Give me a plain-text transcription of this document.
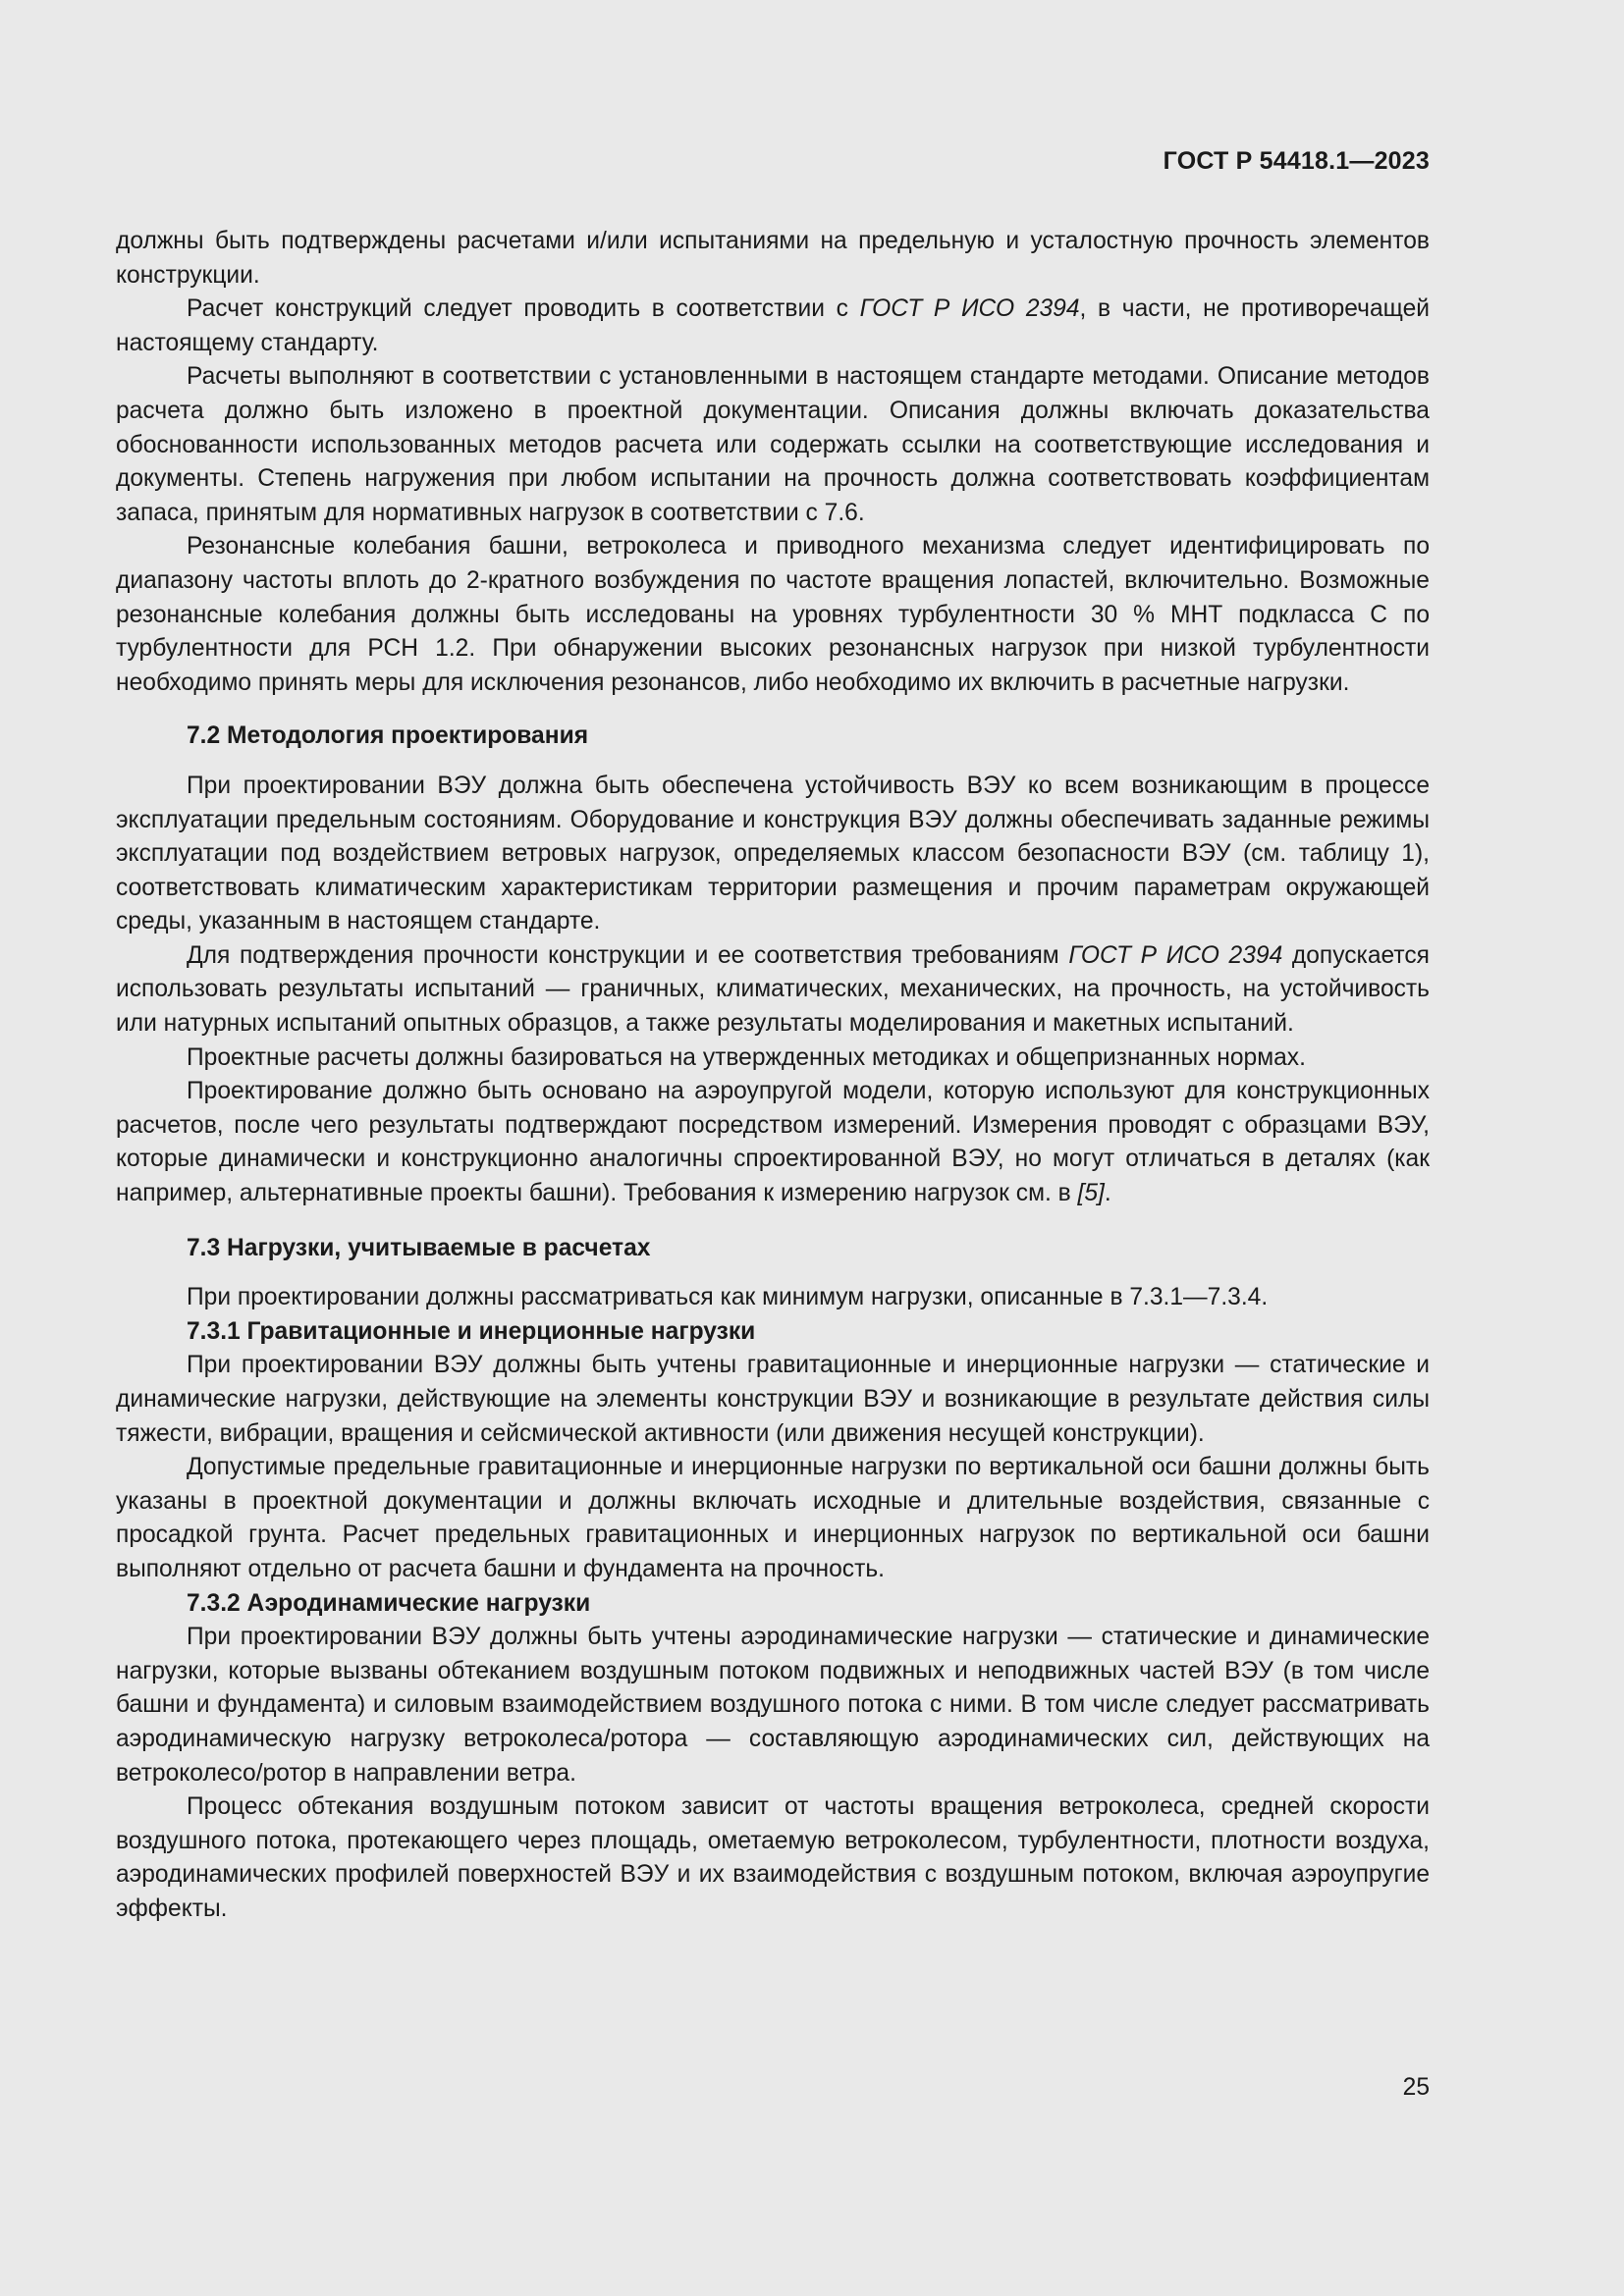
ГОСТ Р 54418.1—2023

должны быть подтверждены расчетами и/или испытаниями на предельную и усталостную прочность элементов конструкции.

Расчет конструкций следует проводить в соответствии с ГОСТ Р ИСО 2394, в части, не противоречащей настоящему стандарту.

Расчеты выполняют в соответствии с установленными в настоящем стандарте методами. Описание методов расчета должно быть изложено в проектной документации. Описания должны включать доказательства обоснованности использованных методов расчета или содержать ссылки на соответствующие исследования и документы. Степень нагружения при любом испытании на прочность должна соответствовать коэффициентам запаса, принятым для нормативных нагрузок в соответствии с 7.6.

Резонансные колебания башни, ветроколеса и приводного механизма следует идентифицировать по диапазону частоты вплоть до 2-кратного возбуждения по частоте вращения лопастей, включительно. Возможные резонансные колебания должны быть исследованы на уровнях турбулентности 30 % МНТ подкласса С по турбулентности для РСН 1.2. При обнаружении высоких резонансных нагрузок при низкой турбулентности необходимо принять меры для исключения резонансов, либо необходимо их включить в расчетные нагрузки.

7.2 Методология проектирования

При проектировании ВЭУ должна быть обеспечена устойчивость ВЭУ ко всем возникающим в процессе эксплуатации предельным состояниям. Оборудование и конструкция ВЭУ должны обеспечивать заданные режимы эксплуатации под воздействием ветровых нагрузок, определяемых классом безопасности ВЭУ (см. таблицу 1), соответствовать климатическим характеристикам территории размещения и прочим параметрам окружающей среды, указанным в настоящем стандарте.

Для подтверждения прочности конструкции и ее соответствия требованиям ГОСТ Р ИСО 2394 допускается использовать результаты испытаний — граничных, климатических, механических, на прочность, на устойчивость или натурных испытаний опытных образцов, а также результаты моделирования и макетных испытаний.

Проектные расчеты должны базироваться на утвержденных методиках и общепризнанных нормах.

Проектирование должно быть основано на аэроупругой модели, которую используют для конструкционных расчетов, после чего результаты подтверждают посредством измерений. Измерения проводят с образцами ВЭУ, которые динамически и конструкционно аналогичны спроектированной ВЭУ, но могут отличаться в деталях (как например, альтернативные проекты башни). Требования к измерению нагрузок см. в [5].

7.3 Нагрузки, учитываемые в расчетах

При проектировании должны рассматриваться как минимум нагрузки, описанные в 7.3.1—7.3.4.

7.3.1 Гравитационные и инерционные нагрузки

При проектировании ВЭУ должны быть учтены гравитационные и инерционные нагрузки — статические и динамические нагрузки, действующие на элементы конструкции ВЭУ и возникающие в результате действия силы тяжести, вибрации, вращения и сейсмической активности (или движения несущей конструкции).

Допустимые предельные гравитационные и инерционные нагрузки по вертикальной оси башни должны быть указаны в проектной документации и должны включать исходные и длительные воздействия, связанные с просадкой грунта. Расчет предельных гравитационных и инерционных нагрузок по вертикальной оси башни выполняют отдельно от расчета башни и фундамента на прочность.

7.3.2 Аэродинамические нагрузки

При проектировании ВЭУ должны быть учтены аэродинамические нагрузки — статические и динамические нагрузки, которые вызваны обтеканием воздушным потоком подвижных и неподвижных частей ВЭУ (в том числе башни и фундамента) и силовым взаимодействием воздушного потока с ними. В том числе следует рассматривать аэродинамическую нагрузку ветроколеса/ротора — составляющую аэродинамических сил, действующих на ветроколесо/ротор в направлении ветра.

Процесс обтекания воздушным потоком зависит от частоты вращения ветроколеса, средней скорости воздушного потока, протекающего через площадь, ометаемую ветроколесом, турбулентности, плотности воздуха, аэродинамических профилей поверхностей ВЭУ и их взаимодействия с воздушным потоком, включая аэроупругие эффекты.

25
